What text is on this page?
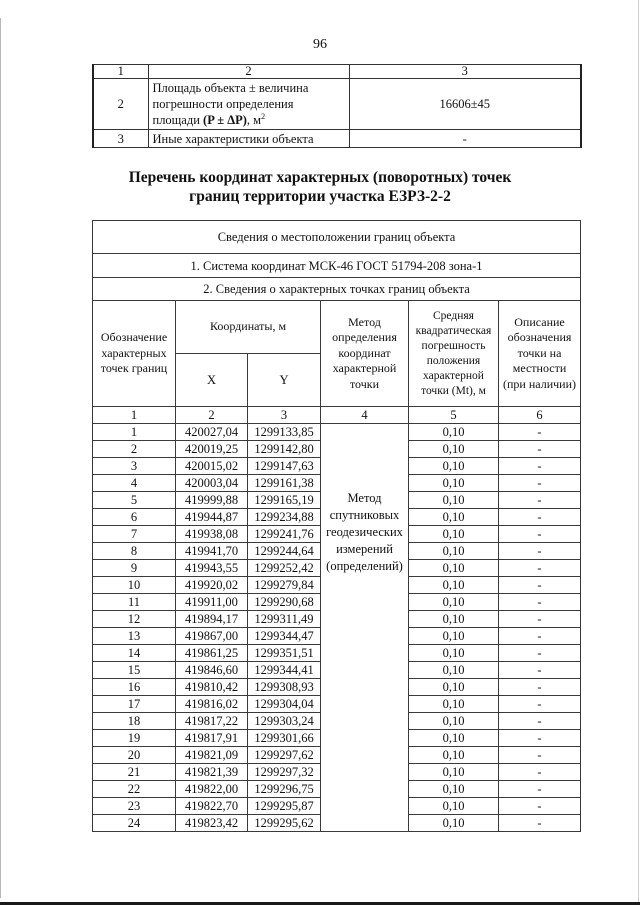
96
1	2	3
2	Площадь объекта ± величина
погрешности определения
площади (P ± ΔP), $м^2$	16606±45
3	Иные характеристики объекта	-
Перечень координат характерных (поворотных) точек
границ территории участка ЕЗРЗ-2-2
Сведения о местоположении границ объекта					
1. Система координат МСК-46 ГОСТ 51794-208 зона-1					
2. Сведения о характерных точках границ объекта					

Обозначение
характерных
точек границ
	Координаты, м	Метод
определения
координат
характерной
точки

Средняя
квадратическая
погрешность
положения
характерной
точки (Mt), м

Описание
обозначения
точки на
местности
(при наличии)

	X	Y			
1	2	3	4	5	6
1	420027,04	1299133,85	Метод
спутниковых
геодезических
измерений
(определений)	0,10	-
2	420019,25	1299142,80		0,10	-
3	420015,02	1299147,63		0,10	-
4	420003,04	1299161,38		0,10	-
5	419999,88	1299165,19		0,10	-
6	419944,87	1299234,88		0,10	-
7	419938,08	1299241,76		0,10	-
8	419941,70	1299244,64		0,10	-
9	419943,55	1299252,42		0,10	-
10	419920,02	1299279,84		0,10	-
11	419911,00	1299290,68		0,10	-
12	419894,17	1299311,49		0,10	-
13	419867,00	1299344,47		0,10	-
14	419861,25	1299351,51		0,10	-
15	419846,60	1299344,41		0,10	-
16	419810,42	1299308,93		0,10	-
17	419816,02	1299304,04		0,10	-
18	419817,22	1299303,24		0,10	-
19	419817,91	1299301,66		0,10	-
20	419821,09	1299297,62		0,10	-
21	419821,39	1299297,32		0,10	-
22	419822,00	1299296,75		0,10	-
23	419822,70	1299295,87		0,10	-
24	419823,42	1299295,62		0,10	-
